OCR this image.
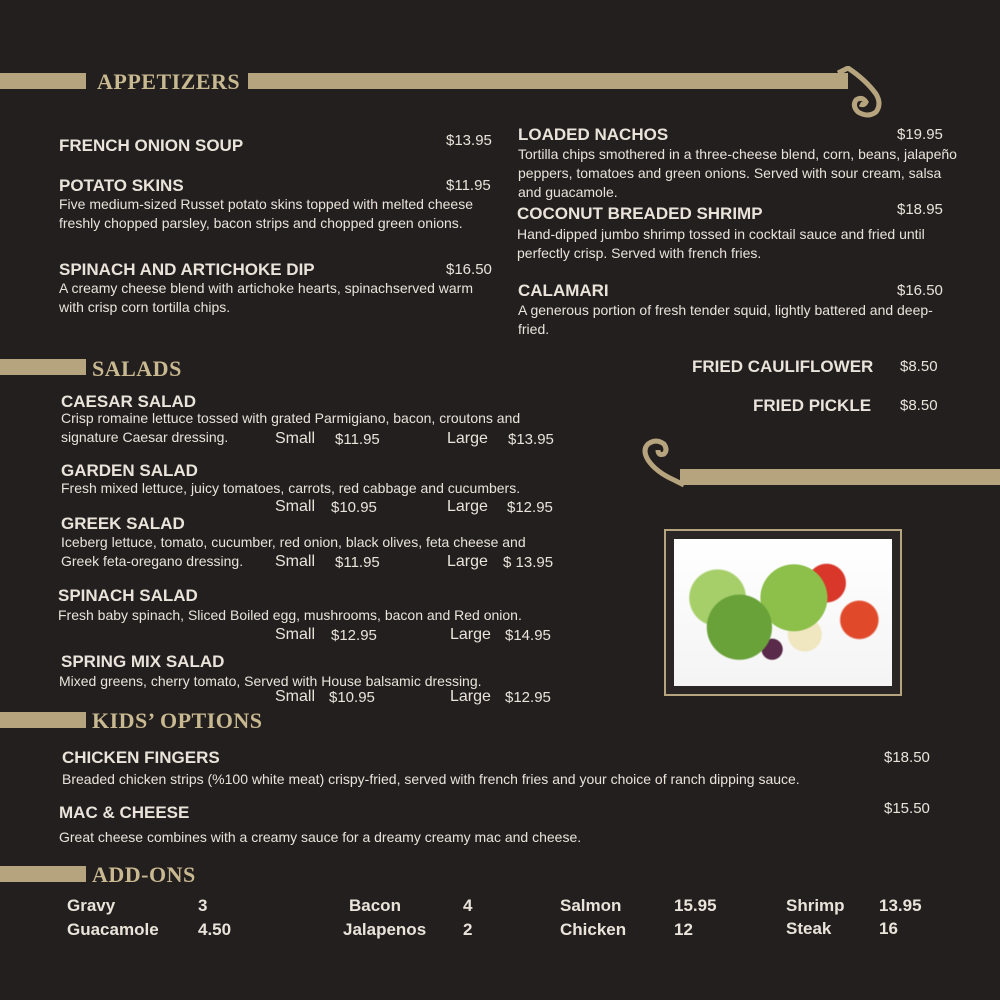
APPETIZERS
FRENCH ONION SOUP	$13.95
POTATO SKINS	$11.95
Five medium-sized Russet potato skins topped with melted cheese freshly chopped parsley, bacon strips and chopped green onions.
SPINACH AND ARTICHOKE DIP	$16.50
A creamy cheese blend with artichoke hearts, spinachserved warm with crisp corn tortilla chips.
LOADED NACHOS	$19.95
Tortilla chips smothered in a three-cheese blend, corn, beans, jalapeño peppers, tomatoes and green onions. Served with sour cream, salsa and guacamole.
COCONUT BREADED SHRIMP	$18.95
Hand-dipped jumbo shrimp tossed in cocktail sauce and fried until perfectly crisp. Served with french fries.
CALAMARI	$16.50
A generous portion of fresh tender squid, lightly battered and deep-fried.
FRIED CAULIFLOWER $8.50
FRIED PICKLE $8.50
SALADS
CAESAR SALAD
Crisp romaine lettuce tossed with grated Parmigiano, bacon, croutons and signature Caesar dressing.	Small $11.95	Large $13.95
GARDEN SALAD
Fresh mixed lettuce, juicy tomatoes, carrots, red cabbage and cucumbers.
Small $10.95	Large $12.95
GREEK SALAD
Iceberg lettuce, tomato, cucumber, red onion, black olives, feta cheese and Greek feta-oregano dressing.	Small $11.95	Large $ 13.95
SPINACH SALAD
Fresh baby spinach, Sliced Boiled egg, mushrooms, bacon and Red onion.
Small $12.95	Large $14.95
SPRING MIX SALAD
Mixed greens, cherry tomato, Served with House balsamic dressing.
Small $10.95	Large $12.95
KIDS’ OPTIONS
CHICKEN FINGERS	$18.50
Breaded chicken strips (%100 white meat) crispy-fried, served with french fries and your choice of ranch dipping sauce.
MAC & CHEESE	$15.50
Great cheese combines with a creamy sauce for a dreamy creamy mac and cheese.
ADD-ONS
Gravy	3
Guacamole 4.50
Bacon	4
Jalapenos 2
Salmon	15.95
Chicken	12
Shrimp 13.95
Steak	16
